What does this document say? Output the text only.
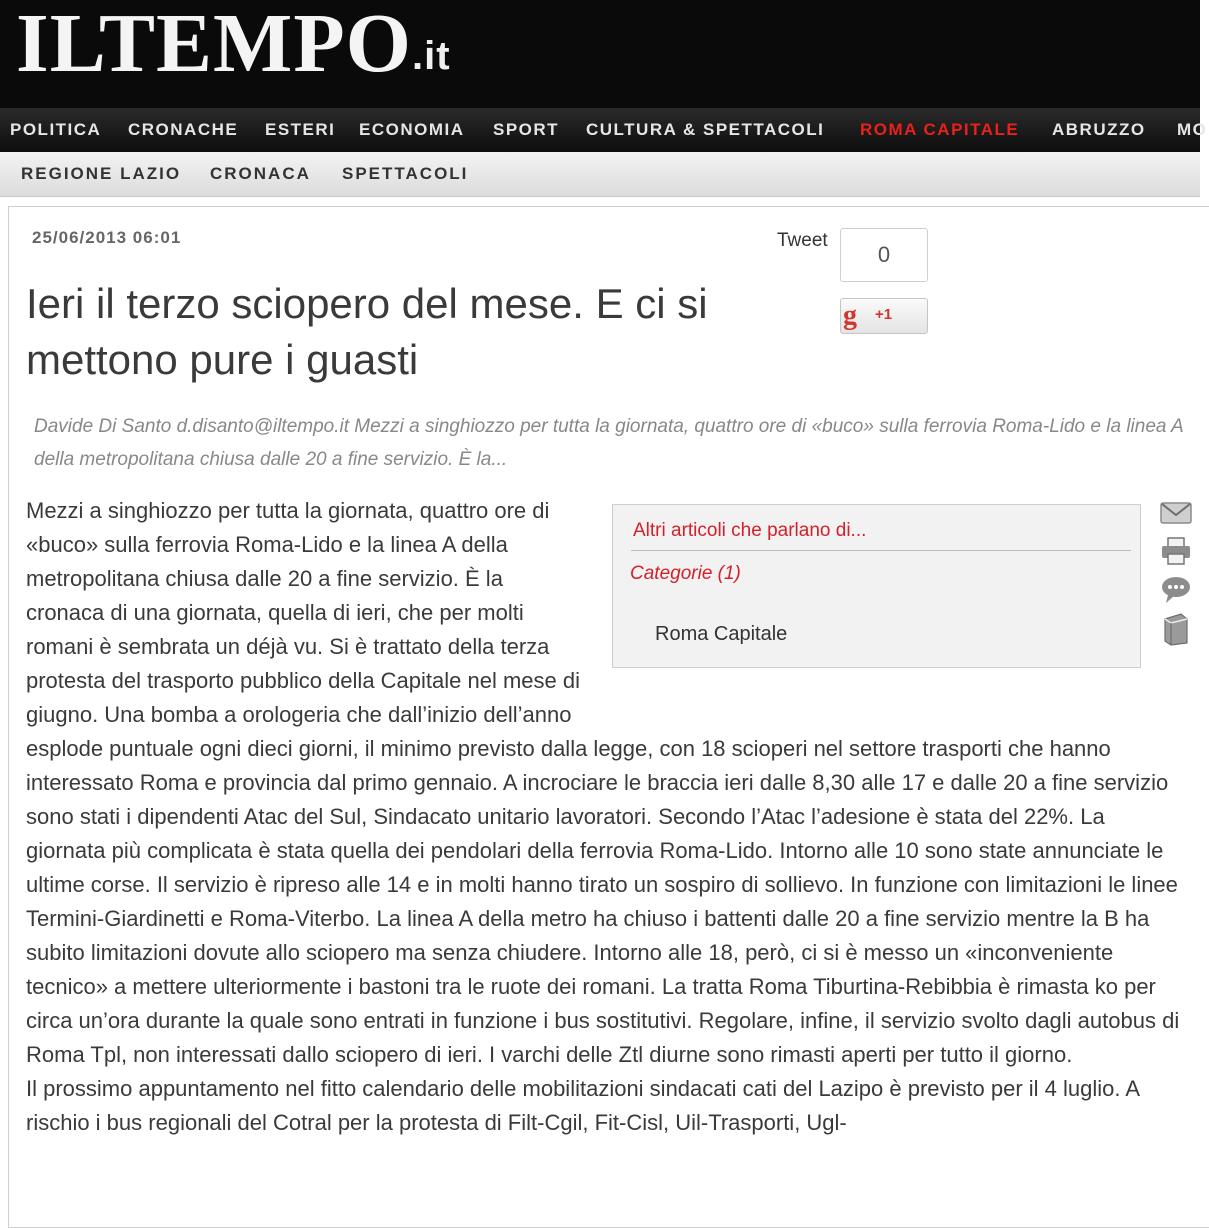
ILTEMPO.it
POLITICA CRONACHE ESTERI ECONOMIA SPORT CULTURA & SPETTACOLI ROMA CAPITALE ABRUZZO MO
REGIONE LAZIO CRONACA SPETTACOLI
25/06/2013 06:01
Ieri il terzo sciopero del mese. E ci si mettono pure i guasti
Tweet
0
g +1
Davide Di Santo d.disanto@iltempo.it Mezzi a singhiozzo per tutta la giornata, quattro ore di «buco» sulla ferrovia Roma-Lido e la linea A della metropolitana chiusa dalle 20 a fine servizio. È la...

Mezzi a singhiozzo per tutta la giornata, quattro ore di «buco» sulla ferrovia Roma-Lido e la linea A della metropolitana chiusa dalle 20 a fine servizio. È la cronaca di una giornata, quella di ieri, che per molti romani è sembrata un déjà vu. Si è trattato della terza protesta del trasporto pubblico della Capitale nel mese di giugno. Una bomba a orologeria che dall’inizio dell’anno esplode puntuale ogni dieci giorni, il minimo previsto dalla legge, con 18 scioperi nel settore trasporti che hanno interessato Roma e provincia dal primo gennaio. A incrociare le braccia ieri dalle 8,30 alle 17 e dalle 20 a fine servizio sono stati i dipendenti Atac del Sul, Sindacato unitario lavoratori. Secondo l’Atac l’adesione è stata del 22%. La giornata più complicata è stata quella dei pendolari della ferrovia Roma-Lido. Intorno alle 10 sono state annunciate le ultime corse. Il servizio è ripreso alle 14 e in molti hanno tirato un sospiro di sollievo. In funzione con limitazioni le linee Termini-Giardinetti e Roma-Viterbo. La linea A della metro ha chiuso i battenti dalle 20 a fine servizio mentre la B ha subito limitazioni dovute allo sciopero ma senza chiudere. Intorno alle 18, però, ci si è messo un «inconveniente tecnico» a mettere ulteriormente i bastoni tra le ruote dei romani. La tratta Roma Tiburtina-Rebibbia è rimasta ko per circa un’ora durante la quale sono entrati in funzione i bus sostitutivi. Regolare, infine, il servizio svolto dagli autobus di Roma Tpl, non interessati dallo sciopero di ieri. I varchi delle Ztl diurne sono rimasti aperti per tutto il giorno.

Il prossimo appuntamento nel fitto calendario delle mobilitazioni sindacati cati del Lazipo è previsto per il 4 luglio. A rischio i bus regionali del Cotral per la protesta di Filt-Cgil, Fit-Cisl, Uil-Trasporti, Ugl-

Altri articoli che parlano di...
Categorie (1)
Roma Capitale
